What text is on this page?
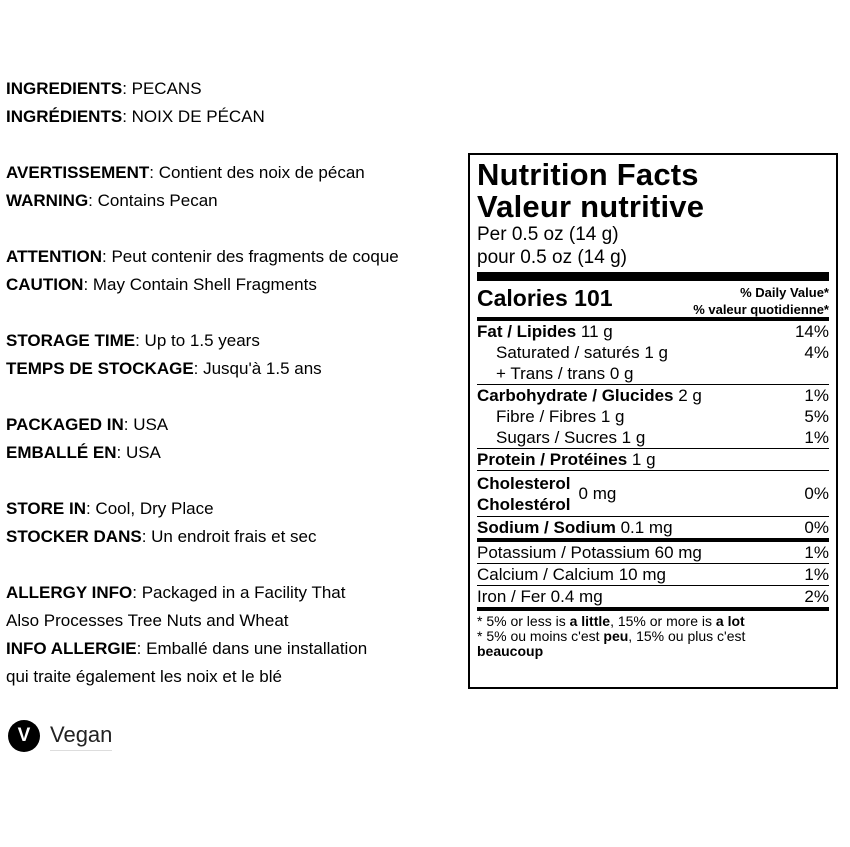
INGREDIENTS: PECANS
INGRÉDIENTS: NOIX DE PÉCAN
AVERTISSEMENT: Contient des noix de pécan
WARNING: Contains Pecan
ATTENTION: Peut contenir des fragments de coque
CAUTION: May Contain Shell Fragments
STORAGE TIME: Up to 1.5 years
TEMPS DE STOCKAGE: Jusqu'à 1.5 ans
PACKAGED IN: USA
EMBALLÉ EN: USA
STORE IN: Cool, Dry Place
STOCKER DANS: Un endroit frais et sec
ALLERGY INFO: Packaged in a Facility That
Also Processes Tree Nuts and Wheat
INFO ALLERGIE: Emballé dans une installation
qui traite également les noix et le blé
V Vegan
Nutrition Facts
Valeur nutritive
Per 0.5 oz (14 g)
pour 0.5 oz (14 g)
Calories 101	% Daily Value*
% valeur quotidienne*
Fat / Lipides 11 g	14%
Saturated / saturés 1 g	4%
+ Trans / trans 0 g
Carbohydrate / Glucides 2 g	1%
Fibre / Fibres 1 g	5%
Sugars / Sucres 1 g	1%
Protein / Protéines 1 g
Cholesterol
Cholestérol
0 mg	0%
Sodium / Sodium 0.1 mg	0%
Potassium / Potassium 60 mg	1%
Calcium / Calcium 10 mg	1%
Iron / Fer 0.4 mg	2%
* 5% or less is a little, 15% or more is a lot
* 5% ou moins c'est peu, 15% ou plus c'est
beaucoup
